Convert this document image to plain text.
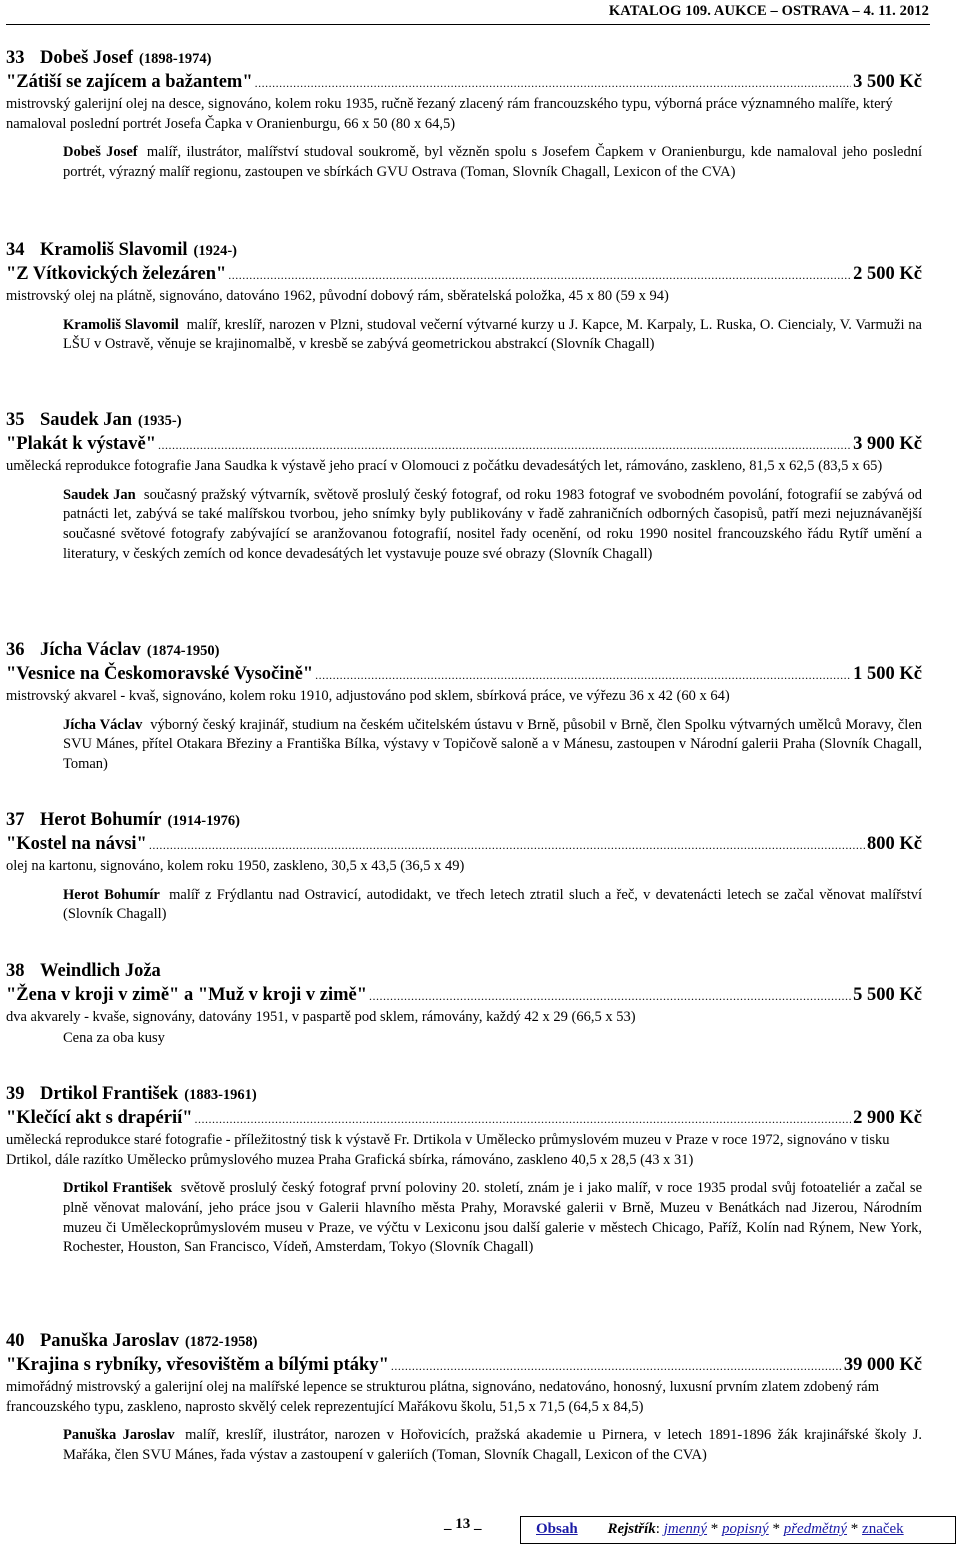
KATALOG 109. AUKCE – OSTRAVA – 4. 11. 2012
33 Dobeš Josef (1898-1974)
"Zátiší se zajícem a bažantem" .....	3 500 Kč
mistrovský galerijní olej na desce, signováno, kolem roku 1935, ručně řezaný zlacený rám francouzského typu, výborná práce významného malíře, který namaloval poslední portrét Josefa Čapka v Oranienburgu, 66 x 50 (80 x 64,5)
Dobeš Josef malíř, ilustrátor, malířství studoval soukromě, byl vězněn spolu s Josefem Čapkem v Oranienburgu, kde namaloval jeho poslední portrét, výrazný malíř regionu, zastoupen ve sbírkách GVU Ostrava (Toman, Slovník Chagall, Lexicon of the CVA)
34 Kramoliš Slavomil (1924-)
"Z Vítkovických železáren" .....	2 500 Kč
mistrovský olej na plátně, signováno, datováno 1962, původní dobový rám, sběratelská položka, 45 x 80 (59 x 94)
Kramoliš Slavomil malíř, kreslíř, narozen v Plzni, studoval večerní výtvarné kurzy u J. Kapce, M. Karpaly, L. Ruska, O. Ciencialy, V. Varmuži na LŠU v Ostravě, věnuje se krajinomalbě, v kresbě se zabývá geometrickou abstrakcí (Slovník Chagall)
35 Saudek Jan (1935-)
"Plakát k výstavě" .....	3 900 Kč
umělecká reprodukce fotografie Jana Saudka k výstavě jeho prací v Olomouci z počátku devadesátých let, rámováno, zaskleno, 81,5 x 62,5 (83,5 x 65)
Saudek Jan současný pražský výtvarník, světově proslulý český fotograf, od roku 1983 fotograf ve svobodném povolání, fotografií se zabývá od patnácti let, zabývá se také malířskou tvorbou, jeho snímky byly publikovány v řadě zahraničních odborných časopisů, patří mezi nejuznávanější současné světové fotografy zabývající se aranžovanou fotografií, nositel řady ocenění, od roku 1990 nositel francouzského řádu Rytíř umění a literatury, v českých zemích od konce devadesátých let vystavuje pouze své obrazy (Slovník Chagall)
36 Jícha Václav (1874-1950)
"Vesnice na Českomoravské Vysočině" .....	1 500 Kč
mistrovský akvarel - kvaš, signováno, kolem roku 1910, adjustováno pod sklem, sbírková práce, ve výřezu 36 x 42 (60 x 64)
Jícha Václav výborný český krajinář, studium na českém učitelském ústavu v Brně, působil v Brně, člen Spolku výtvarných umělců Moravy, člen SVU Mánes, přítel Otakara Březiny a Františka Bílka, výstavy v Topičově saloně a v Mánesu, zastoupen v Národní galerii Praha (Slovník Chagall, Toman)
37 Herot Bohumír (1914-1976)
"Kostel na návsi" .....	800 Kč
olej na kartonu, signováno, kolem roku 1950, zaskleno, 30,5 x 43,5 (36,5 x 49)
Herot Bohumír malíř z Frýdlantu nad Ostravicí, autodidakt, ve třech letech ztratil sluch a řeč, v devatenácti letech se začal věnovat malířství (Slovník Chagall)
38 Weindlich Joža
"Žena v kroji v zimě" a "Muž v kroji v zimě" .....	5 500 Kč
dva akvarely - kvaše, signovány, datovány 1951, v paspartě pod sklem, rámovány, každý 42 x 29 (66,5 x 53)
Cena za oba kusy
39 Drtikol František (1883-1961)
"Klečící akt s drapérií" .....	2 900 Kč
umělecká reprodukce staré fotografie - příležitostný tisk k výstavě Fr. Drtikola v Umělecko průmyslovém muzeu v Praze v roce 1972, signováno v tisku Drtikol, dále razítko Umělecko průmyslového muzea Praha Grafická sbírka, rámováno, zaskleno 40,5 x 28,5 (43 x 31)
Drtikol František světově proslulý český fotograf první poloviny 20. století, znám je i jako malíř, v roce 1935 prodal svůj fotoateliér a začal se plně věnovat malování, jeho práce jsou v Galerii hlavního města Prahy, Moravské galerii v Brně, Muzeu v Benátkách nad Jizerou, Národním muzeu či Uměleckoprůmyslovém museu v Praze, ve výčtu v Lexiconu jsou další galerie v městech Chicago, Paříž, Kolín nad Rýnem, New York, Rochester, Houston, San Francisco, Vídeň, Amsterdam, Tokyo (Slovník Chagall)
40 Panuška Jaroslav (1872-1958)
"Krajina s rybníky, vřesovištěm a bílými ptáky" .....	39 000 Kč
mimořádný mistrovský a galerijní olej na malířské lepence se strukturou plátna, signováno, nedatováno, honosný, luxusní prvním zlatem zdobený rám francouzského typu, zaskleno, naprosto skvělý celek reprezentující Mařákovu školu, 51,5 x 71,5 (64,5 x 84,5)
Panuška Jaroslav malíř, kreslíř, ilustrátor, narozen v Hořovicích, pražská akademie u Pirnera, v letech 1891-1896 žák krajinářské školy J. Mařáka, člen SVU Mánes, řada výstav a zastoupení v galeriích (Toman, Slovník Chagall, Lexicon of the CVA)
_ 13 _	Obsah Rejstřík: jmenný * popisný * předmětný * značek
